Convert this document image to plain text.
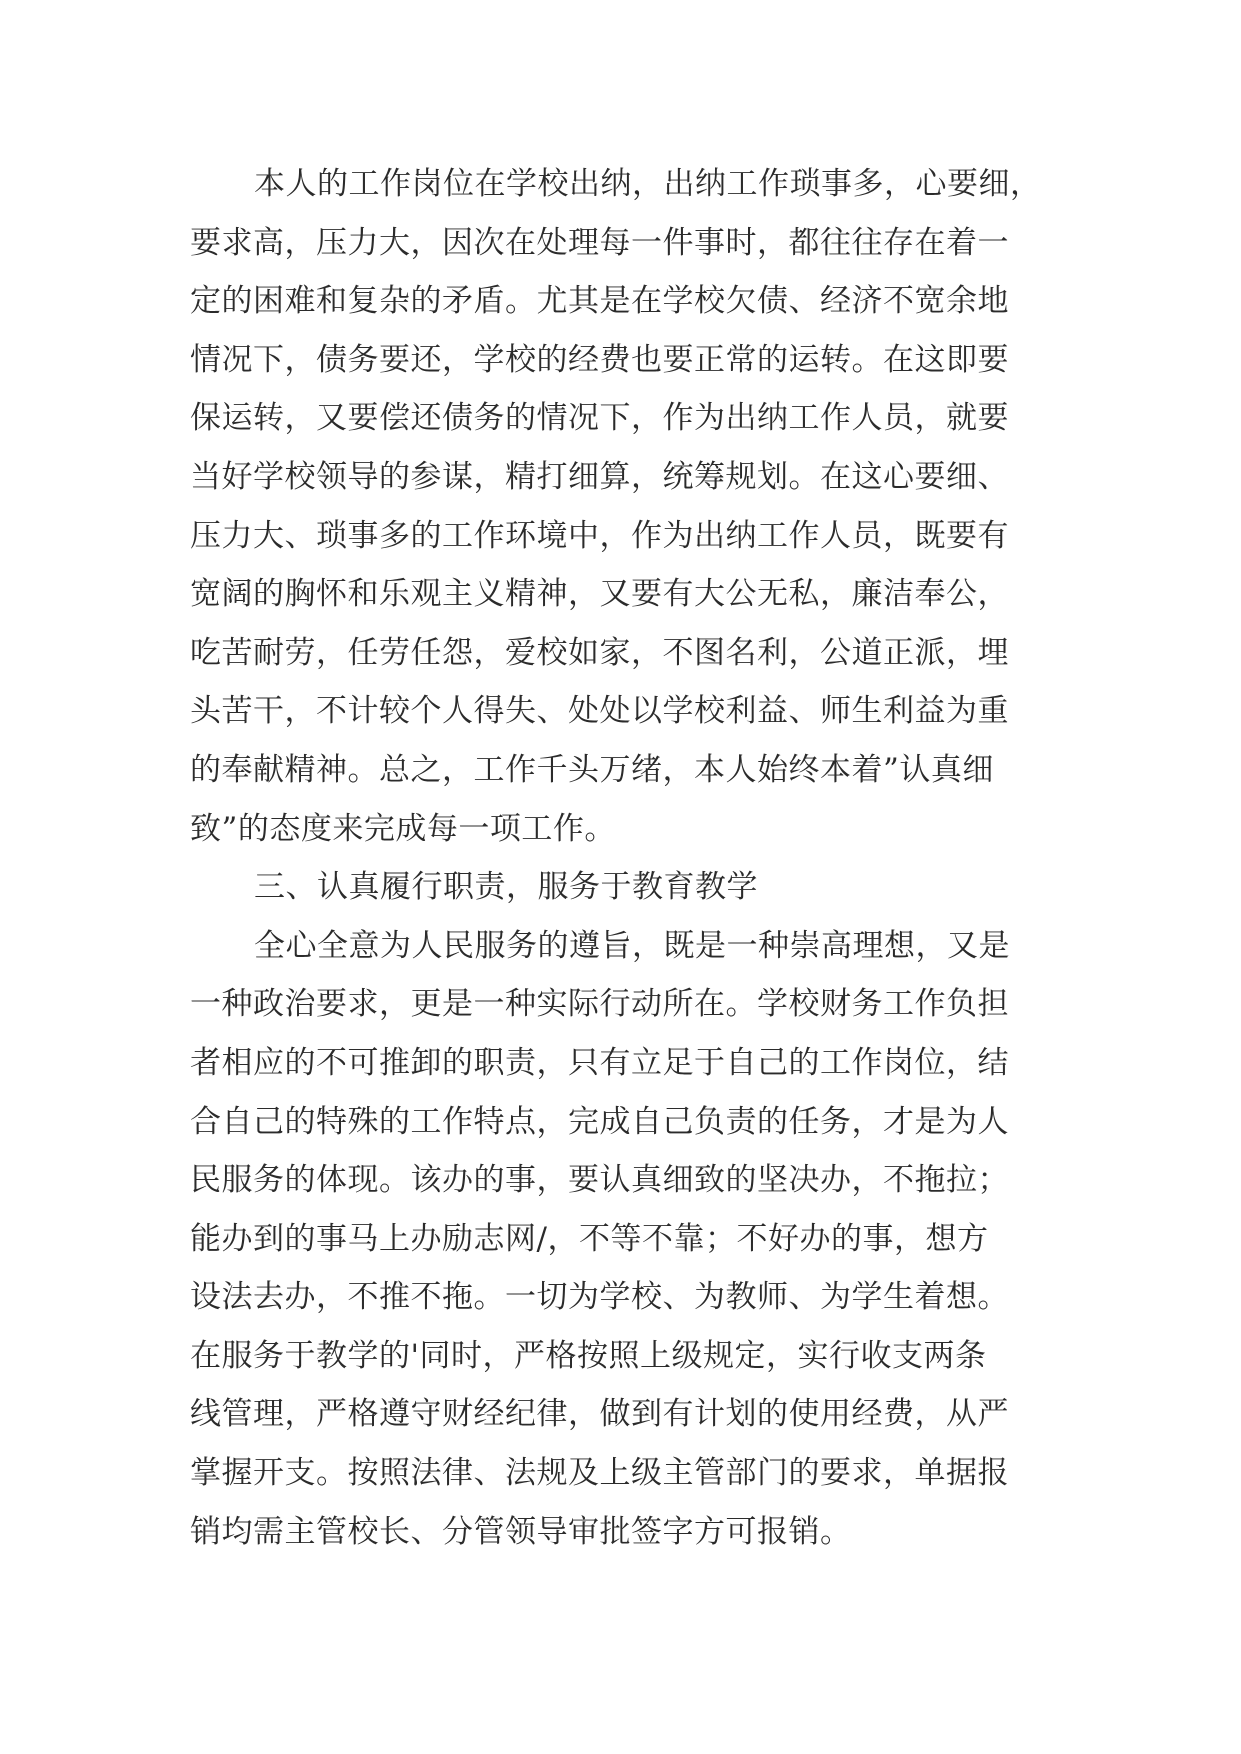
本人的工作岗位在学校出纳，出纳工作琐事多，心要细，
要求高，压力大，因次在处理每一件事时，都往往存在着一
定的困难和复杂的矛盾。尤其是在学校欠债、经济不宽余地
情况下，债务要还，学校的经费也要正常的运转。在这即要
保运转，又要偿还债务的情况下，作为出纳工作人员，就要
当好学校领导的参谋，精打细算，统筹规划。在这心要细、
压力大、琐事多的工作环境中，作为出纳工作人员，既要有
宽阔的胸怀和乐观主义精神，又要有大公无私，廉洁奉公，
吃苦耐劳，任劳任怨，爱校如家，不图名利，公道正派，埋
头苦干，不计较个人得失、处处以学校利益、师生利益为重
的奉献精神。总之，工作千头万绪，本人始终本着”认真细
致”的态度来完成每一项工作。
三、认真履行职责，服务于教育教学
全心全意为人民服务的遵旨，既是一种崇高理想，又是
一种政治要求，更是一种实际行动所在。学校财务工作负担
者相应的不可推卸的职责，只有立足于自己的工作岗位，结
合自己的特殊的工作特点，完成自己负责的任务，才是为人
民服务的体现。该办的事，要认真细致的坚决办，不拖拉；
能办到的事马上办励志网/，不等不靠；不好办的事，想方
设法去办，不推不拖。一切为学校、为教师、为学生着想。
在服务于教学的'同时，严格按照上级规定，实行收支两条
线管理，严格遵守财经纪律，做到有计划的使用经费，从严
掌握开支。按照法律、法规及上级主管部门的要求，单据报
销均需主管校长、分管领导审批签字方可报销。
